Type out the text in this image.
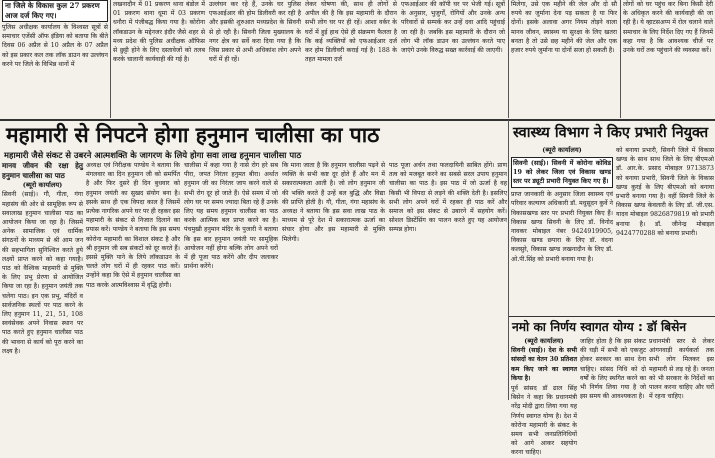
ना जिले के विकास कुल 27 प्रकरण
आज दर्ज किए गए।

पुलिस अधीक्षक कार्यालय के विश्वस्त सूत्रों से समाचार एजेंसी ऑफ इंडिया को बताया कि बीते दिवस 06 अप्रैल से 10 अप्रैल के 07 अप्रैल को इस प्रकार कल तक लॉक डाउन का उल्लंघन करने पर जिले के विभिन्न थानों में

लखनादौन में 01 प्रकरण थाना बंडोल में 01 प्रकरण थाना धूमा में 03 प्रकरण धनौरा में पंजीबद्ध किया गया है। कोरोना लॉकडाउन के मद्देनजर इंदौर जैसे शहर से मध्य प्रदेश की पुलिस अधीक्षक ऑफिस से छुट्टी होने के लिए दस्तावेजों को तलब करके चालानी कार्यवाही की गई है।

उल्लंघन कर रहे हैं, उनके घर पुलिस एफआईआर की होम डिलीवरी कर रही है और इसकी शुरुआत मध्यप्रदेश के सिवनी से हो रही है। सिवनी जिला मुख्यालय के नगर क्षेत्र का सर्वे करा दिया गया है कि जिस प्रकार से अभी अधिकांश लोग अपने घरों में ही रहें।

लेकर घोषणा की, साथ ही लोगों से अपील की है कि इस महामारी के दौरान सभी लोग घर पर ही रहें। आशा वर्कर के घरों में हुई हाथ ऐसे ही संक्रमण फैलता है कि कई व्यक्तियों को एफआईआर दर्ज कर होम डिलीवरी कराई गई है। 188 के तहत मामला दर्ज

एफआईआर की कॉपी घर पर भेजी गई। सूत्रों के अनुसार, भुजुर्गों, रोगियों और उनके अन्य परिवारों से सम्पर्क कर उन्हें दवा आदि पहुंचाई जा रही है। जबकि इस महामारी के दौरान जो लोग भी लॉक डाउन का उल्लंघन करते पाए जाएंगे उनके विरुद्ध सख्त कार्रवाई की जाएगी।

मिलेगा, उसे एक महीने की जेल और दो सौ रुपये का जुर्माना देना पड़ सकता है या फिर दोनों। इसके अलावा अगर नियम तोड़ने वाला मानव जीवन, स्वास्थ्य या सुरक्षा के लिए खतरा बनता है तो उसे छह महीने की जेल और एक हजार रुपये जुर्माना या दोनों सजा हो सकती है।

लोगों को घर पहुंच कर बिना किसी देरी के अधिकृत करने की कार्यवाही की जा रही है। ये व्हाटसअप्प में रोल चलाने वाले समाचार के लिए निर्देश दिए गए हैं जिनमें कहा गया है कि आवश्यक चीजें पर उनके घरों तक पहुंचाने की व्यवस्था करें।

महामारी से निपटने होगा हनुमान चालीसा का पाठ
महामारी जैसे संकट से उबरने आत्मशक्ति के जागरण के लिये होगा सवा लाख हनुमान चालीसा पाठ

मानव जीवन की रक्षा हेतु हनुमान चालीसा का पाठ

(ब्यूरो कार्यालय)

सिवनी (साई)। गौ, गीता, गंगा महासंघ की ओर से सामूहिक रूप से सवालाख हनुमान चालीसा पाठ का आयोजन किया जा रहा है। जिसमें अनेक सामाजिक एवं धार्मिक संगठनों के माध्यम से श्री आम जन की सहभागिता सुनिश्चित करते हुये लक्ष्यों प्राप्त करने को कहा गयाहै। पाठ को वैश्विक माहमारी से मुक्ति के लिए प्रभु प्रेरणा से आयोजित किया जा रहा है। हनुमान जयंती तक चलेगा पाठ। इन एक प्रभु, मंदिरों व सार्वजनिक स्थलों पर पाठ करने के लिए हनुमान 11, 21, 51, 108 स्वयंसेवक अपने निवास स्थान पर पाठ करते हुए हनुमान चालीसा पाठ की भावना से कार्य को पूरा करने का लक्ष्य है।

अध्यक्ष एवं निरीक्षक पाण्डेय ने बताया कि मंगलवार का दिन हनुमान जी को समर्पित है और फिर दुसरे ही दिन बुधवार को हनुमान जयंती का सुखद संयोग बना है। इसके साथ ही एक विपदा काल है जिसमें प्रत्येक नागरिक अपने घर पर ही रहकर इस महामारी के संकट से निजात दिलाने का प्रयास करें। पाण्डेय ने बताया कि इस समय कोरोना महामारी का विशाल संकट है और श्री हनुमान जी सब संकटों को दूर करते हैं। इससे मुक्ति पाने के लिये लॉकडाउन के चलते लोग घरों में ही रहकर पाठ करें। उन्होंने कहा कि ऐसे में हनुमान चालीसा का पाठ करके आत्मविश्वास में वृद्धि होगी।

चालीसा में कहा गया है नासे रोग हरे सब पीरा, जपत निरंतर हनुमत बीरा। अर्थात हनुमान जी का निरंतर जाप करने वाले से सभी रोग दूर हो जाते हैं। ऐसे समय में जो लोग घर पर समय ज्यादा बिता रहे हैं उनके लिए यह समय हनुमान चालीसा का पाठ करके आत्मिक बल प्राप्त करने का है। पंचमुखी हनुमान मंदिर के पुजारी ने बताया कि इस बार हनुमान जयंती पर सामूहिक आयोजन नहीं होगा बल्कि लोग अपने घरों में ही पूजा पाठ करेंगे और दीप जलाकर प्रार्थना करेंगे।

कि माना जाता है कि हनुमान चालीसा पढ़ने से व्यक्ति के सभी कष्ट दूर होते हैं और मन में सकारात्मकता आती है। जो लोग हनुमान जी की भक्ति करते हैं उन्हें बल बुद्धि और विद्या की प्राप्ति होती है। गौ, गीता, गंगा महासंघ के अध्यक्ष ने बताया कि इस सवा लाख पाठ के माध्यम से पूरे देश में सकारात्मक ऊर्जा का संचार होगा और इस महामारी से मुक्ति मिलेगी।

पाठ पूजा अर्चन तथा फलदायिनी साबित होंगे। प्राण तत्व को मजबूत करने का सबसे सरल उपाय हनुमान चालीसा का पाठ है। इस पाठ में जो ऊर्जा है वह किसी भी विपदा से लड़ने की शक्ति देती है। इसलिए सभी लोग अपने घरों में रहकर ही पाठ करें और समाज को इस संकट से उबारने में सहयोग करें। सोशल डिस्टेंसिंग का पालन करते हुए यह आयोजन सम्पन्न होगा।

स्वास्थ्य विभाग ने किए प्रभारी नियुक्त
(ब्यूरो कार्यालय)

सिवनी (साई)। सिवनी में कोरोना कोविड 19 को लेकर जिला एवं विकास खण्ड स्तर पर ड्यूटी प्रभारी नियुक्त किए गए हैं।

प्राप्त जानकारी के अनुसार जिला स्वास्थ्य एवं परिवार कल्याण अधिकारी डॉ. मधुसूदन कुर्वे ने विकासखण्ड स्तर पर प्रभारी नियुक्त किए हैं। विकास खण्ड सिवनी के लिए डॉ. विनोद नावकर मोबाइल नंबर 9424919905, विकास खण्ड छपारा के लिए डॉ. वंदना कलसुरे, विकास खण्ड लखनादौन के लिए डॉ. ओ.पी.सिंह को प्रभारी बनाया गया है।

को बनाया प्रभारी, सिवनी जिले में विकास खण्ड के साथ साथ जिले के लिए बीएमओ डॉ. आर.के. प्रसाद मोबाइल 9713873 को बनाया प्रभारी, सिवनी जिले के विकास खण्ड कुरई के लिए बीएमओ को बनाया प्रभारी बनाया गया है। वहीं सिवनी जिले के विकास खण्ड केवलारी के लिए डॉ. जी.एस. यादव मोबाइल 9826879819 को प्रभारी बनाया है। डॉ. जीनेन्द्र मोबाइल 9424770288 को बनाया प्रभारी।

नमो का निर्णय स्वागत योग्य : डॉ बिसेन
(ब्यूरो कार्यालय)

सिवनी (साई)। देश के सभी सांसदों का वेतन 30 प्रतिशत कम किए जाने का स्वागत किया है।

पूर्व सांसद डॉ ढाल सिंह बिसेन ने कहा कि प्रधानमंत्री नरेंद्र मोदी द्वारा लिया गया यह निर्णय स्वागत योग्य है। देश में कोरोना महामारी के संकट के समय सभी जनप्रतिनिधियों को आगे आकर सहयोग करना चाहिए।

जाहिर होता है कि इस संकट की घड़ी में सभी को एकजुट होकर सरकार का साथ देना चाहिए। सांसद निधि को दो वर्षों के लिए स्थगित करने का भी निर्णय लिया गया है जो इस समय की आवश्यकता है।

प्रधानमंत्री स्तर से लेकर आंगनवाड़ी कार्यकर्ता तक सभी लोग मिलकर इस महामारी से लड़ रहे हैं। जनता को भी सरकार के निर्देशों का पालन करना चाहिए और घरों में रहना चाहिए।
